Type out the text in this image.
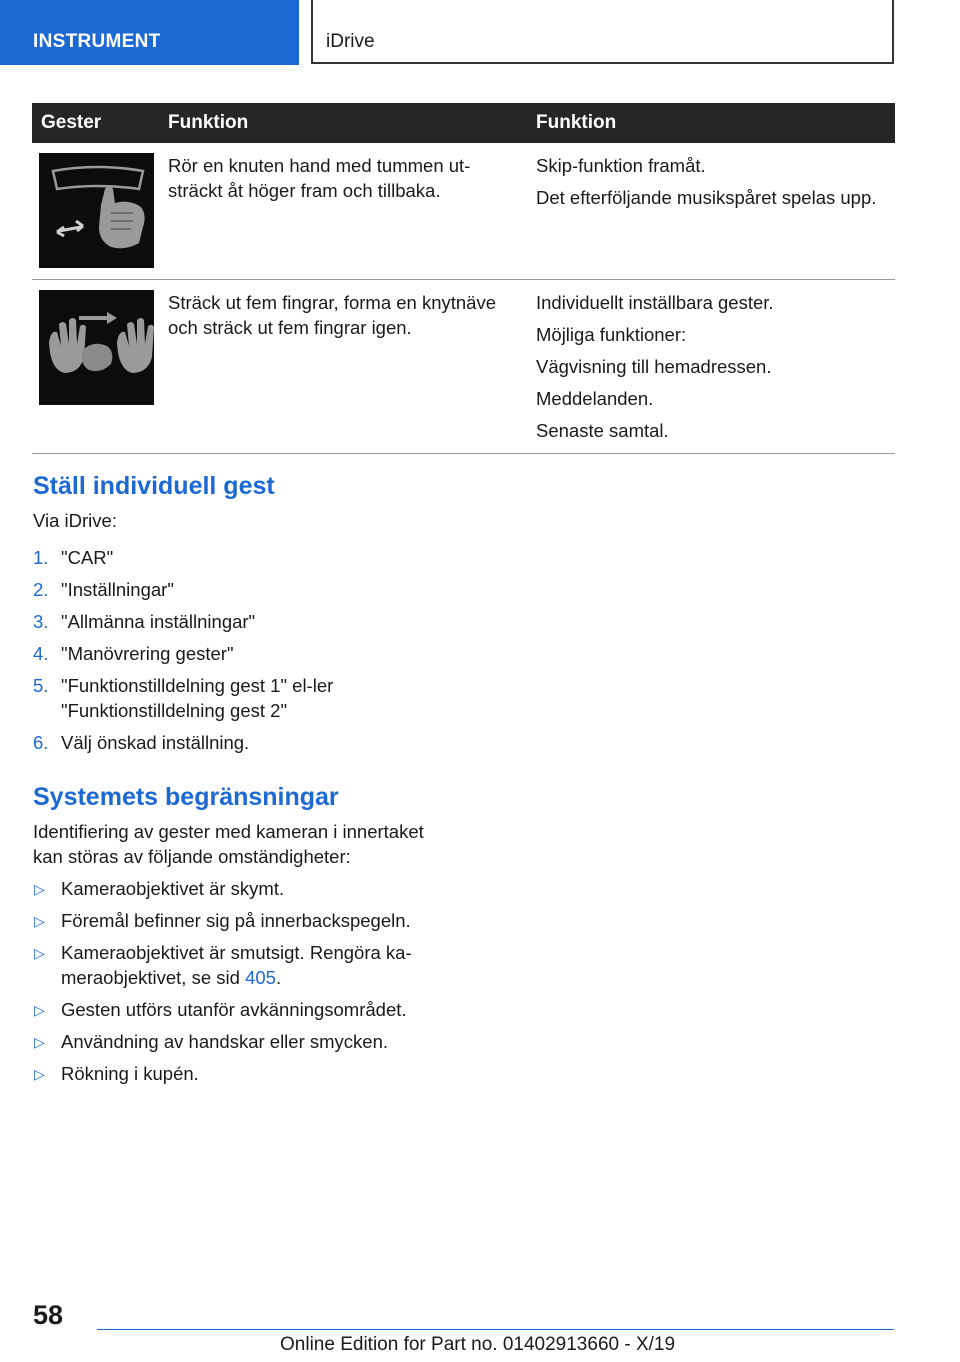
INSTRUMENT	iDrive
Gester	Funktion	Funktion

	Rör en knuten hand med tummen ut-sträckt åt höger fram och tillbaka.	Skip-funktion framåt.

Det efterföljande musikspåret spelas upp.

	Sträck ut fem fingrar, forma en knytnäve och sträck ut fem fingrar igen.	Individuellt inställbara gester.

Möjliga funktioner:

Vägvisning till hemadressen.

Meddelanden.

Senaste samtal.

Ställ individuell gest

Via iDrive:

1. "CAR"
2. "Inställningar"
3. "Allmänna inställningar"
4. "Manövrering gester"
5. "Funktionstilldelning gest 1" el-ler "Funktionstilldelning gest 2"
6. Välj önskad inställning.
Systemets begränsningar

Identifiering av gester med kameran i innertaket kan störas av följande omständigheter:

▷ Kameraobjektivet är skymt.
▷ Föremål befinner sig på innerbackspegeln.
▷ Kameraobjektivet är smutsigt. Rengöra ka-meraobjektivet, se sid 405.
▷ Gesten utförs utanför avkänningsområdet.
▷ Användning av handskar eller smycken.
▷ Rökning i kupén.
58
Online Edition for Part no. 01402913660 - X/19
